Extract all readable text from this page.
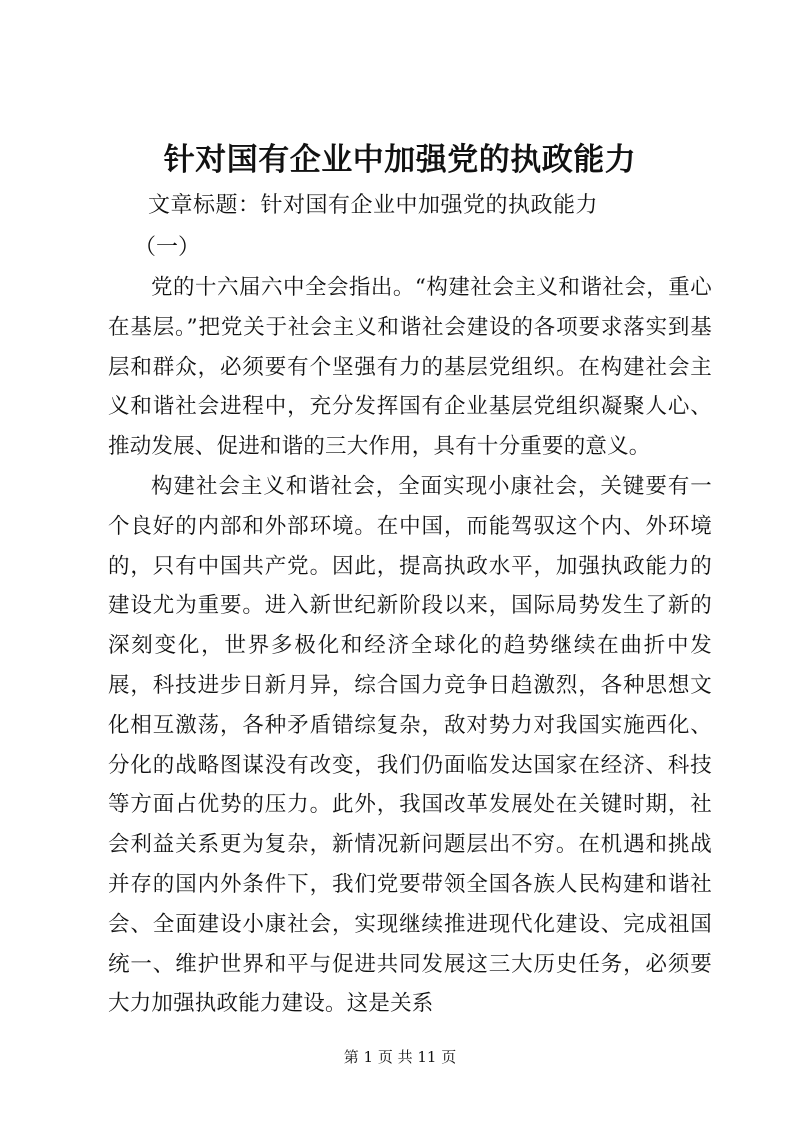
针对国有企业中加强党的执政能力

文章标题：针对国有企业中加强党的执政能力

（一）

党的十六届六中全会指出。“构建社会主义和谐社会，重心在基层。”把党关于社会主义和谐社会建设的各项要求落实到基层和群众，必须要有个坚强有力的基层党组织。在构建社会主义和谐社会进程中，充分发挥国有企业基层党组织凝聚人心、推动发展、促进和谐的三大作用，具有十分重要的意义。

构建社会主义和谐社会，全面实现小康社会，关键要有一个良好的内部和外部环境。在中国，而能驾驭这个内、外环境的，只有中国共产党。因此，提高执政水平，加强执政能力的建设尤为重要。进入新世纪新阶段以来，国际局势发生了新的深刻变化，世界多极化和经济全球化的趋势继续在曲折中发展，科技进步日新月异，综合国力竞争日趋激烈，各种思想文化相互激荡，各种矛盾错综复杂，敌对势力对我国实施西化、分化的战略图谋没有改变，我们仍面临发达国家在经济、科技等方面占优势的压力。此外，我国改革发展处在关键时期，社会利益关系更为复杂，新情况新问题层出不穷。在机遇和挑战并存的国内外条件下，我们党要带领全国各族人民构建和谐社会、全面建设小康社会，实现继续推进现代化建设、完成祖国统一、维护世界和平与促进共同发展这三大历史任务，必须要大力加强执政能力建设。这是关系

第 1 页 共 11 页
